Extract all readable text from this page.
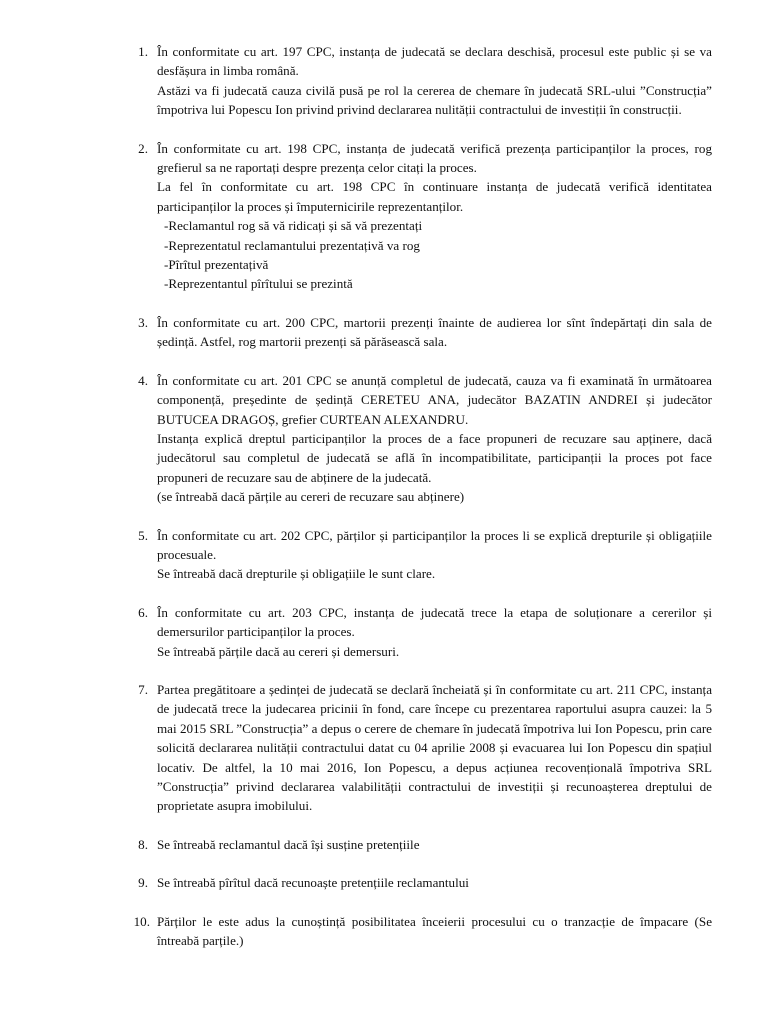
1. În conformitate cu art. 197 CPC, instanța de judecată se declara deschisă, procesul este public și se va desfășura in limba română.

Astăzi va fi judecată cauza civilă pusă pe rol la cererea de chemare în judecată SRL-ului ”Construcția” împotriva lui Popescu Ion privind privind declararea nulității contractului de investiții în construcții.

2. În conformitate cu art. 198 CPC, instanța de judecată verifică prezența participanților la proces, rog grefierul sa ne raportați despre prezența celor citați la proces.

La fel în conformitate cu art. 198 CPC în continuare instanța de judecată verifică identitatea participanților la proces și împuternicirile reprezentanților.

-Reclamantul rog să vă ridicați și să vă prezentați

-Reprezentatul reclamantului prezentațivă va rog

-Pîrîtul prezentațivă

-Reprezentantul pîrîtului se prezintă

3. În conformitate cu art. 200 CPC, martorii prezenți înainte de audierea lor sînt îndepărtați din sala de ședință. Astfel, rog martorii prezenți să părăsească sala.

4. În conformitate cu art. 201 CPC se anunță completul de judecată, cauza va fi examinată în următoarea componență, președinte de ședință CERETEU ANA, judecător BAZATIN ANDREI și judecător BUTUCEA DRAGOȘ, grefier CURTEAN ALEXANDRU.

Instanța explică dreptul participanților la proces de a face propuneri de recuzare sau apținere, dacă judecătorul sau completul de judecată se află în incompatibilitate, participanții la proces pot face propuneri de recuzare sau de abținere de la judecată.

(se întreabă dacă părțile au cereri de recuzare sau abținere)

5. În conformitate cu art. 202 CPC, părților și participanților la proces li se explică drepturile și obligațiile procesuale.

Se întreabă dacă drepturile și obligațiile le sunt clare.

6. În conformitate cu art. 203 CPC, instanța de judecată trece la etapa de soluționare a cererilor și demersurilor participanților la proces.

Se întreabă părțile dacă au cereri și demersuri.

7. Partea pregătitoare a ședinței de judecată se declară încheiată și în conformitate cu art. 211 CPC, instanța de judecată trece la judecarea pricinii în fond, care începe cu prezentarea raportului asupra cauzei: la 5 mai 2015 SRL ”Construcția” a depus o cerere de chemare în judecată împotriva lui Ion Popescu, prin care solicită declararea nulității contractului datat cu 04 aprilie 2008 și evacuarea lui Ion Popescu din spațiul locativ. De altfel, la 10 mai 2016, Ion Popescu, a depus acțiunea recovențională împotriva SRL ”Construcția” privind declararea valabilității contractului de investiții și recunoașterea dreptului de proprietate asupra imobilului.

8. Se întreabă reclamantul dacă își susține pretențiile

9. Se întreabă pîrîtul dacă recunoaște pretențiile reclamantului

10. Părților le este adus la cunoștință posibilitatea înceierii procesului cu o tranzacție de împacare (Se întreabă parțile.)
